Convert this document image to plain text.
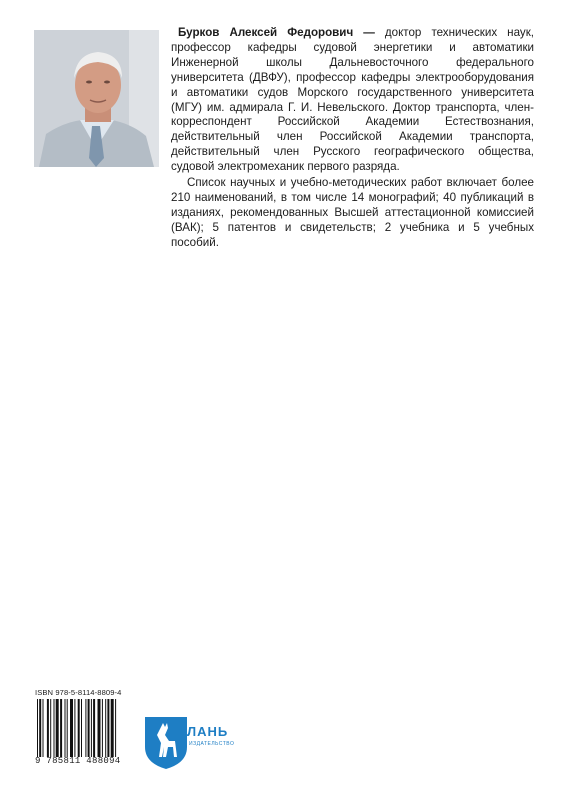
Бурков Алексей Федорович — доктор технических наук, профессор кафедры судовой энергетики и автоматики Инженерной школы Дальневосточного федерального университета (ДВФУ), профессор кафедры электрооборудования и автоматики судов Морского государственного университета (МГУ) им. адмирала Г. И. Невельского. Доктор транспорта, член-корреспондент Российской Академии Естествознания, действительный член Российской Академии транспорта, действительный член Русского географического общества, судовой электромеханик первого разряда.

Список научных и учебно-методических работ включает более 210 наименований, в том числе 14 монографий; 40 публикаций в изданиях, рекомендованных Высшей аттестационной комиссией (ВАК); 5 патентов и свидетельств; 2 учебника и 5 учебных пособий.

ISBN 978-5-8114-8809-4
9 785811 488094
ЛАНЬ
ИЗДАТЕЛЬСТВО
